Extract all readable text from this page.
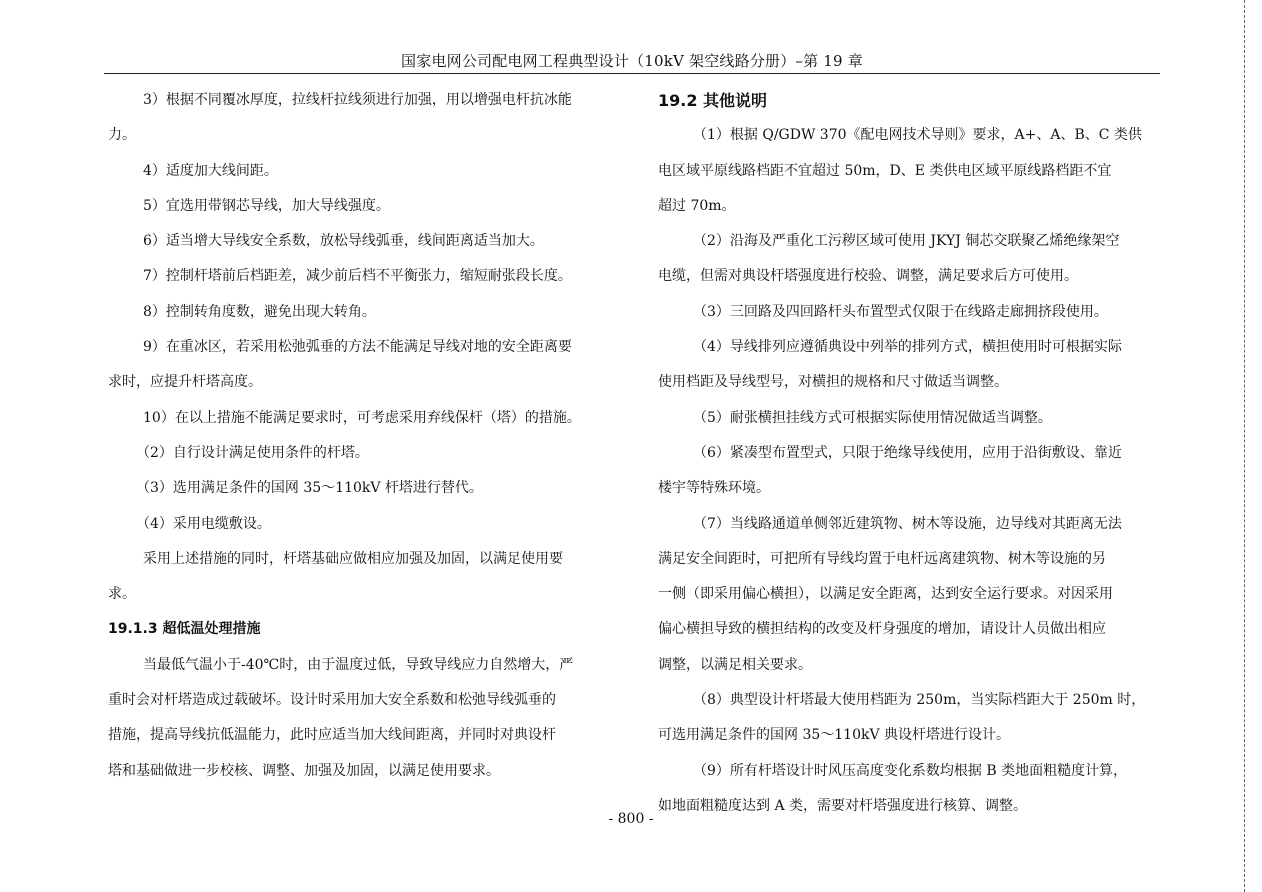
国家电网公司配电网工程典型设计（10kV 架空线路分册）–第 19 章

3）根据不同覆冰厚度，拉线杆拉线须进行加强，用以增强电杆抗冰能

力。

4）适度加大线间距。

5）宜选用带钢芯导线，加大导线强度。

6）适当增大导线安全系数，放松导线弧垂，线间距离适当加大。

7）控制杆塔前后档距差，减少前后档不平衡张力，缩短耐张段长度。

8）控制转角度数，避免出现大转角。

9）在重冰区，若采用松弛弧垂的方法不能满足导线对地的安全距离要

求时，应提升杆塔高度。

10）在以上措施不能满足要求时，可考虑采用弃线保杆（塔）的措施。

（2）自行设计满足使用条件的杆塔。

（3）选用满足条件的国网 35～110kV 杆塔进行替代。

（4）采用电缆敷设。

采用上述措施的同时，杆塔基础应做相应加强及加固，以满足使用要

求。

19.1.3 超低温处理措施

当最低气温小于-40℃时，由于温度过低，导致导线应力自然增大，严

重时会对杆塔造成过载破坏。设计时采用加大安全系数和松弛导线弧垂的

措施，提高导线抗低温能力，此时应适当加大线间距离，并同时对典设杆

塔和基础做进一步校核、调整、加强及加固，以满足使用要求。

19.2 其他说明

（1）根据 Q/GDW 370《配电网技术导则》要求，A+、A、B、C 类供

电区域平原线路档距不宜超过 50m，D、E 类供电区域平原线路档距不宜

超过 70m。

（2）沿海及严重化工污秽区域可使用 JKYJ 铜芯交联聚乙烯绝缘架空

电缆，但需对典设杆塔强度进行校验、调整，满足要求后方可使用。

（3）三回路及四回路杆头布置型式仅限于在线路走廊拥挤段使用。

（4）导线排列应遵循典设中列举的排列方式，横担使用时可根据实际

使用档距及导线型号，对横担的规格和尺寸做适当调整。

（5）耐张横担挂线方式可根据实际使用情况做适当调整。

（6）紧凑型布置型式，只限于绝缘导线使用，应用于沿街敷设、靠近

楼宇等特殊环境。

（7）当线路通道单侧邻近建筑物、树木等设施，边导线对其距离无法

满足安全间距时，可把所有导线均置于电杆远离建筑物、树木等设施的另

一侧（即采用偏心横担），以满足安全距离，达到安全运行要求。对因采用

偏心横担导致的横担结构的改变及杆身强度的增加，请设计人员做出相应

调整，以满足相关要求。

（8）典型设计杆塔最大使用档距为 250m，当实际档距大于 250m 时，

可选用满足条件的国网 35～110kV 典设杆塔进行设计。

（9）所有杆塔设计时风压高度变化系数均根据 B 类地面粗糙度计算，

如地面粗糙度达到 A 类，需要对杆塔强度进行核算、调整。

- 800 -
